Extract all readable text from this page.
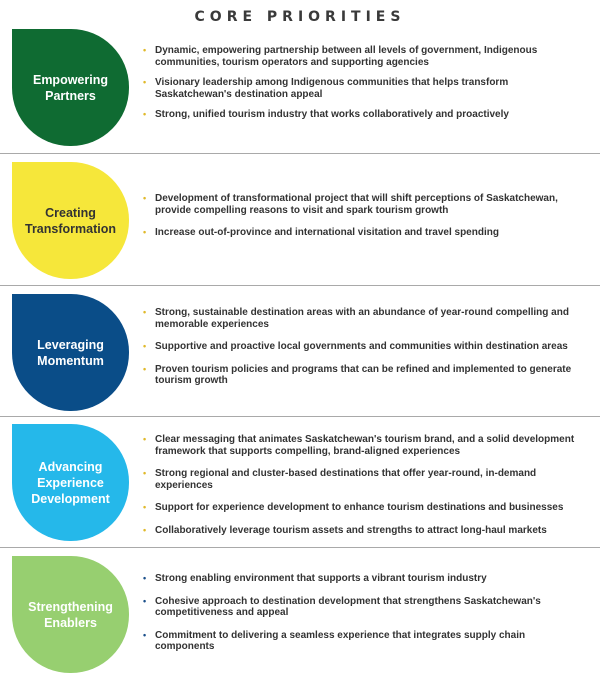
CORE PRIORITIES
Empowering
Partners
• Dynamic, empowering partnership between all levels of government, Indigenous communities, tourism operators and supporting agencies
• Visionary leadership among Indigenous communities that helps transform Saskatchewan's destination appeal
• Strong, unified tourism industry that works collaboratively and proactively
Creating
Transformation
• Development of transformational project that will shift perceptions of Saskatchewan, provide compelling reasons to visit and spark tourism growth
• Increase out-of-province and international visitation and travel spending
Leveraging
Momentum
• Strong, sustainable destination areas with an abundance of year-round compelling and memorable experiences
• Supportive and proactive local governments and communities within destination areas
• Proven tourism policies and programs that can be refined and implemented to generate tourism growth
Advancing
Experience
Development
• Clear messaging that animates Saskatchewan's tourism brand, and a solid development framework that supports compelling, brand-aligned experiences
• Strong regional and cluster-based destinations that offer year-round, in-demand experiences
• Support for experience development to enhance tourism destinations and businesses
• Collaboratively leverage tourism assets and strengths to attract long-haul markets
Strengthening
Enablers
• Strong enabling environment that supports a vibrant tourism industry
• Cohesive approach to destination development that strengthens Saskatchewan's competitiveness and appeal
• Commitment to delivering a seamless experience that integrates supply chain components
